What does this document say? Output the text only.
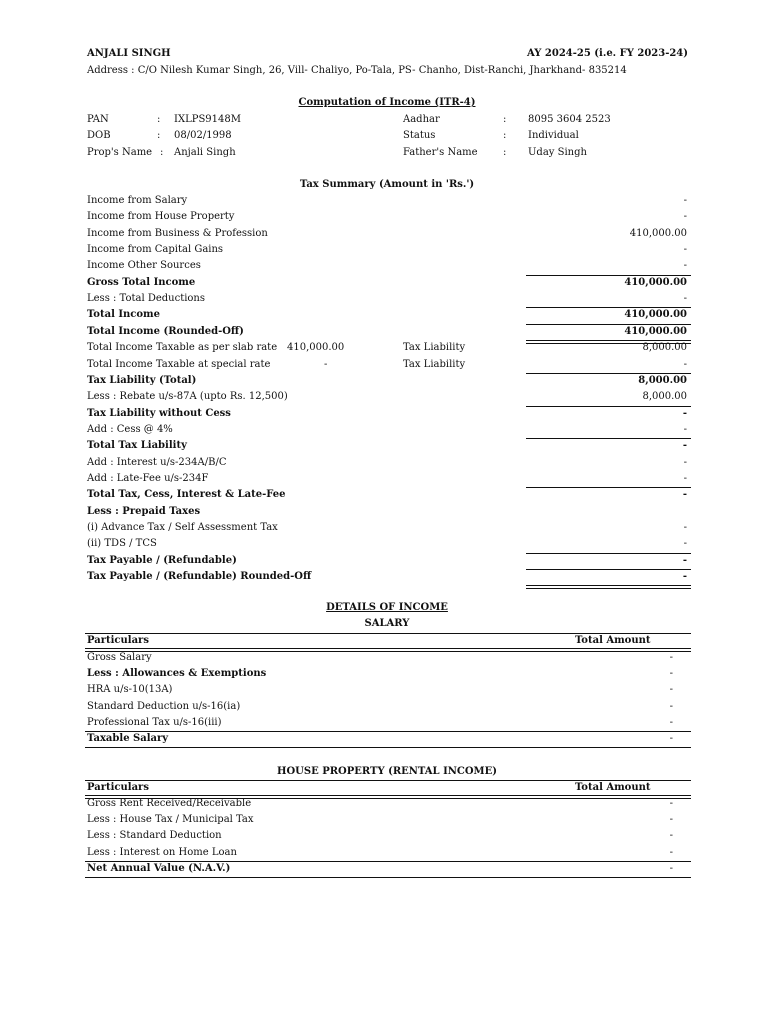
ANJALI SINGH	AY 2024-25 (i.e. FY 2023-24)
Address : C/O Nilesh Kumar Singh, 26, Vill- Chaliyo, Po-Tala, PS- Chanho, Dist-Ranchi, Jharkhand- 835214
Computation of Income (ITR-4)
PAN	: IXLPS9148M
DOB	: 08/02/1998
Prop's Name : Anjali Singh
Aadhar	: 8095 3604 2523
Status	: Individual
Father's Name	: Uday Singh
Tax Summary (Amount in 'Rs.')
Income from Salary	-
Income from House Property	-
Income from Business & Profession	410,000.00
Income from Capital Gains	-
Income Other Sources	-
Gross Total Income	410,000.00
Less : Total Deductions	-
Total Income	410,000.00
Total Income (Rounded-Off)	410,000.00
Total Income Taxable as per slab rate 410,000.00	Tax Liability	8,000.00
Total Income Taxable at special rate	-	Tax Liability	-
Tax Liability (Total)	8,000.00
Less : Rebate u/s-87A (upto Rs. 12,500)	8,000.00
Tax Liability without Cess	-
Add : Cess @ 4%	-
Total Tax Liability	-
Add : Interest u/s-234A/B/C	-
Add : Late-Fee u/s-234F	-
Total Tax, Cess, Interest & Late-Fee	-
Less : Prepaid Taxes
(i) Advance Tax / Self Assessment Tax	-
(ii) TDS / TCS	-
Tax Payable / (Refundable)	-
Tax Payable / (Refundable) Rounded-Off	-
DETAILS OF INCOME
SALARY
Particulars	Total Amount
Gross Salary	-
Less : Allowances & Exemptions	-
HRA u/s-10(13A)	-
Standard Deduction u/s-16(ia)	-
Professional Tax u/s-16(iii)	-
Taxable Salary	-
HOUSE PROPERTY (RENTAL INCOME)
Particulars	Total Amount
Gross Rent Received/Receivable	-
Less : House Tax / Municipal Tax	-
Less : Standard Deduction	-
Less : Interest on Home Loan	-
Net Annual Value (N.A.V.)	-
